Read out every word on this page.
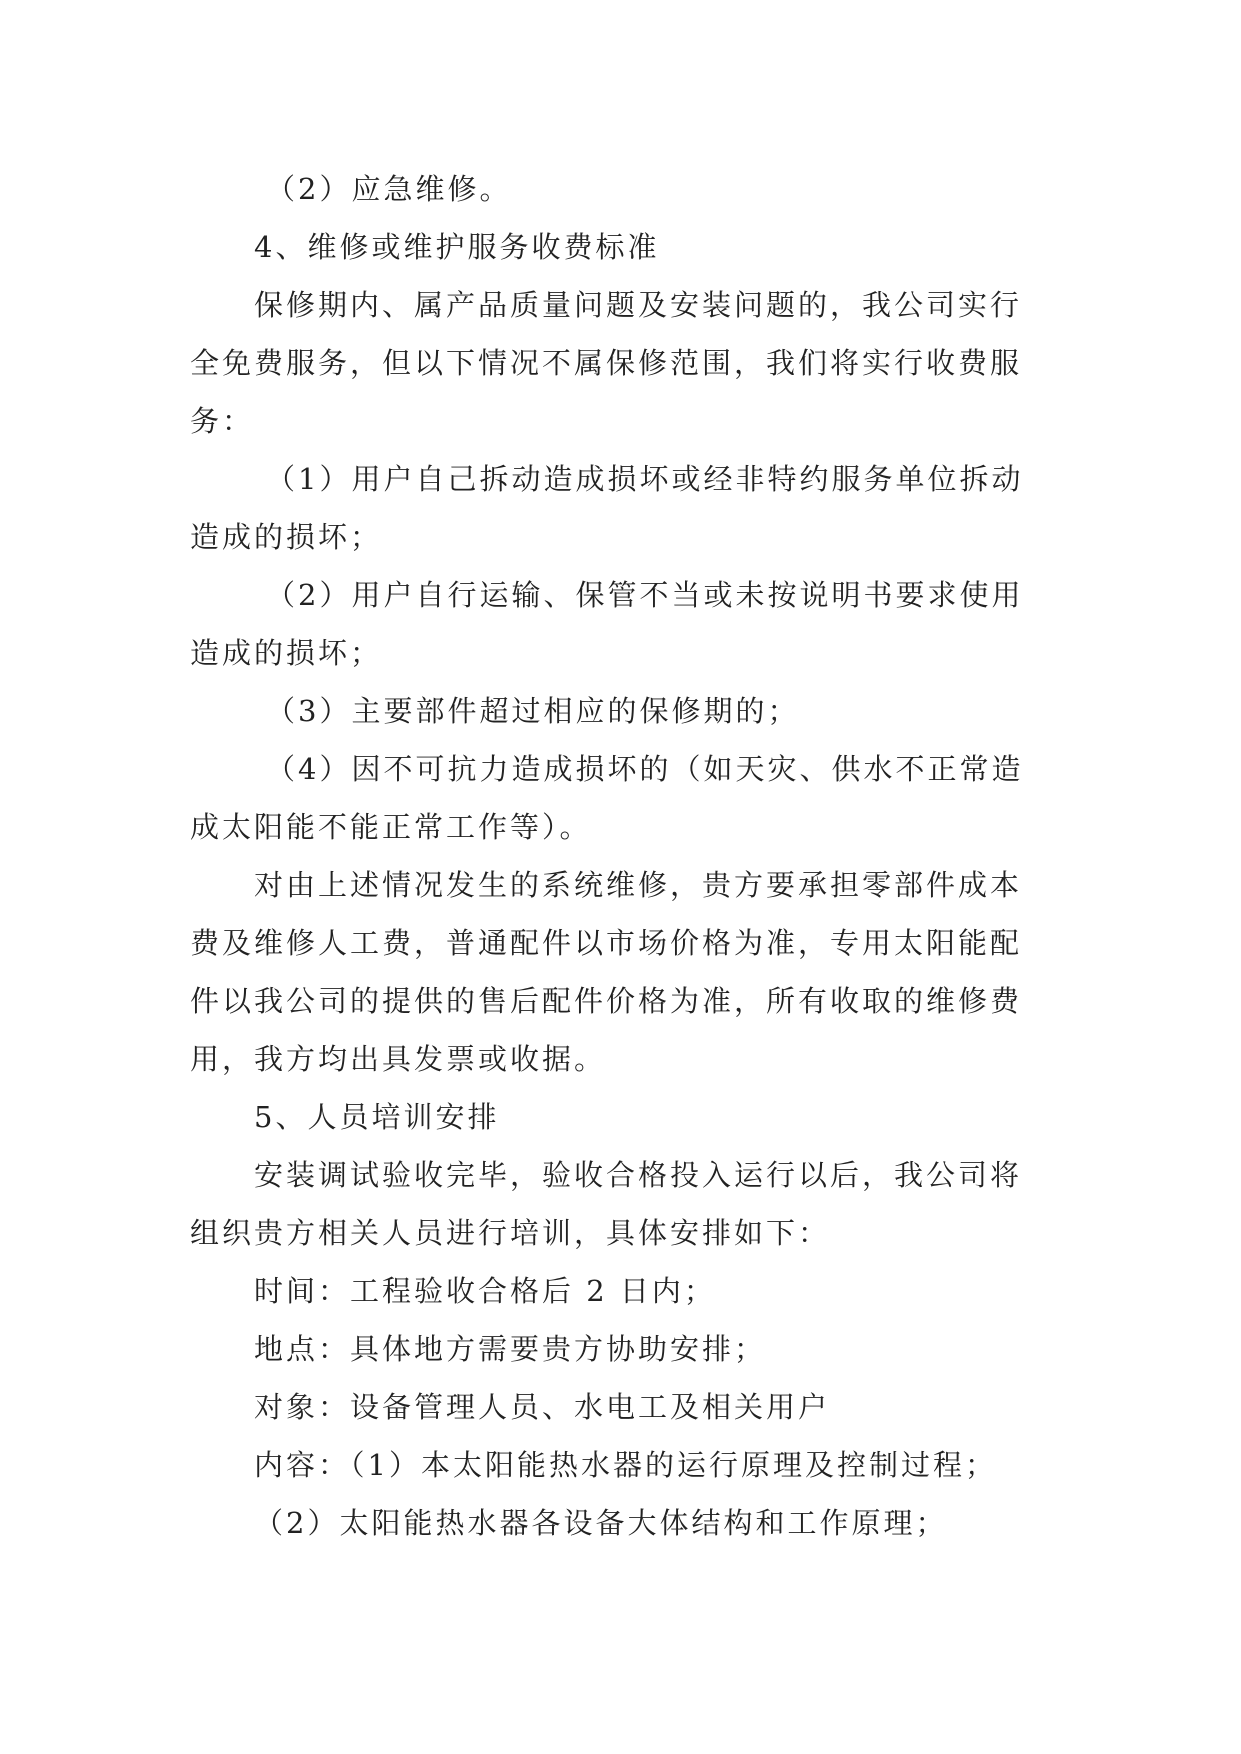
（2）应急维修。
4、维修或维护服务收费标准
保修期内、属产品质量问题及安装问题的，我公司实行
全免费服务，但以下情况不属保修范围，我们将实行收费服
务：
（1）用户自己拆动造成损坏或经非特约服务单位拆动
造成的损坏；
（2）用户自行运输、保管不当或未按说明书要求使用
造成的损坏；
（3）主要部件超过相应的保修期的；
（4）因不可抗力造成损坏的（如天灾、供水不正常造
成太阳能不能正常工作等）。
对由上述情况发生的系统维修，贵方要承担零部件成本
费及维修人工费，普通配件以市场价格为准，专用太阳能配
件以我公司的提供的售后配件价格为准，所有收取的维修费
用，我方均出具发票或收据。
5、人员培训安排
安装调试验收完毕，验收合格投入运行以后，我公司将
组织贵方相关人员进行培训，具体安排如下：
时间：工程验收合格后 2 日内；
地点：具体地方需要贵方协助安排；
对象：设备管理人员、水电工及相关用户
内容：（1）本太阳能热水器的运行原理及控制过程；
（2）太阳能热水器各设备大体结构和工作原理；
